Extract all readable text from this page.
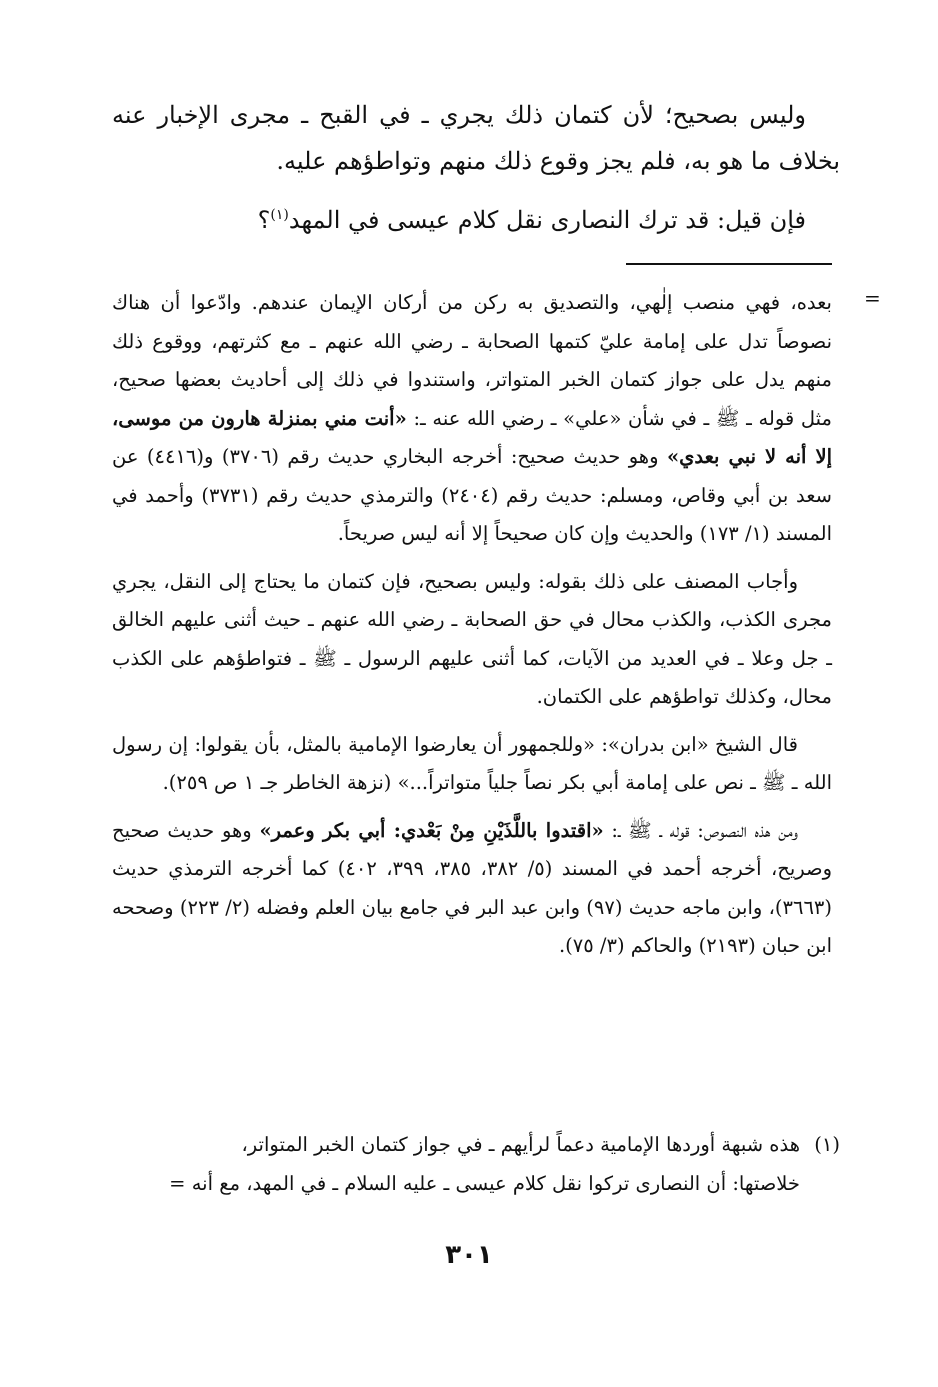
وليس بصحيح؛ لأن كتمان ذلك يجري ـ في القبح ـ مجرى الإخبار عنه بخلاف ما هو به، فلم يجز وقوع ذلك منهم وتواطؤهم عليه.

فإن قيل: قد ترك النصارى نقل كلام عيسى في المهد$^{(١)}$؟

=

بعده، فهي منصب إلٰهي، والتصديق به ركن من أركان الإيمان عندهم. وادّعوا أن هناك نصوصاً تدل على إمامة عليّ كتمها الصحابة ـ رضي الله عنهم ـ مع كثرتهم، ووقوع ذلك منهم يدل على جواز كتمان الخبر المتواتر، واستندوا في ذلك إلى أحاديث بعضها صحيح، مثل قوله ـ ﷺ ـ في شأن «علي» ـ رضي الله عنه ـ: «أنت مني بمنزلة هارون من موسى، إلا أنه لا نبي بعدي» وهو حديث صحيح: أخرجه البخاري حديث رقم (٣٧٠٦) و(٤٤١٦) عن سعد بن أبي وقاص، ومسلم: حديث رقم (٢٤٠٤) والترمذي حديث رقم (٣٧٣١) وأحمد في المسند (١/ ١٧٣) والحديث وإن كان صحيحاً إلا أنه ليس صريحاً.

وأجاب المصنف على ذلك بقوله: وليس بصحيح، فإن كتمان ما يحتاج إلى النقل، يجري مجرى الكذب، والكذب محال في حق الصحابة ـ رضي الله عنهم ـ حيث أثنى عليهم الخالق ـ جل وعلا ـ في العديد من الآيات، كما أثنى عليهم الرسول ـ ﷺ ـ فتواطؤهم على الكذب محال، وكذلك تواطؤهم على الكتمان.

قال الشيخ «ابن بدران»: «وللجمهور أن يعارضوا الإمامية بالمثل، بأن يقولوا: إن رسول الله ـ ﷺ ـ نص على إمامة أبي بكر نصاً جلياً متواتراً...» (نزهة الخاطر جـ ١ ص ٢٥٩).

ومن هذه النصوص: قوله ـ ﷺ ـ: «اقتدوا باللَّذَيْنِ مِنْ بَعْدي: أبي بكر وعمر» وهو حديث صحيح وصريح، أخرجه أحمد في المسند (٥/ ٣٨٢، ٣٨٥، ٣٩٩، ٤٠٢) كما أخرجه الترمذي حديث (٣٦٦٣)، وابن ماجه حديث (٩٧) وابن عبد البر في جامع بيان العلم وفضله (٢/ ٢٢٣) وصححه ابن حبان (٢١٩٣) والحاكم (٣/ ٧٥).

(١)هذه شبهة أوردها الإمامية دعماً لرأيهم ـ في جواز كتمان الخبر المتواتر،
خلاصتها: أن النصارى تركوا نقل كلام عيسى ـ عليه السلام ـ في المهد، مع أنه =
٣٠١
